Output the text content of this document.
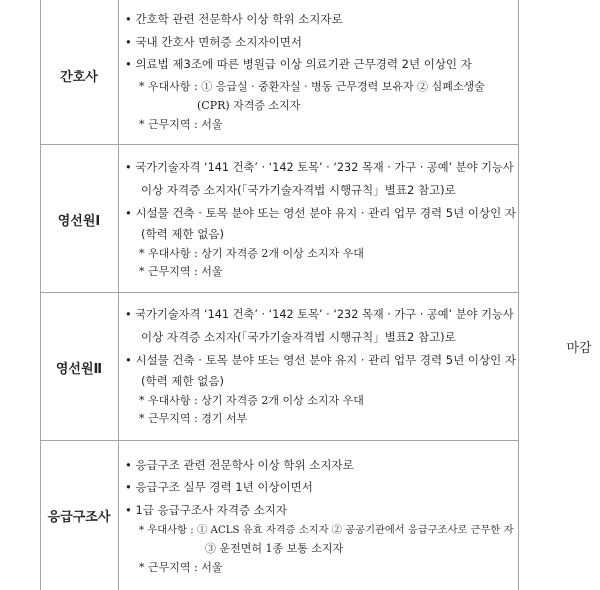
간호사
• 간호학 관련 전문학사 이상 학위 소지자로
• 국내 간호사 면허증 소지자이면서
• 의료법 제3조에 따른 병원급 이상 의료기관 근무경력 2년 이상인 자
* 우대사항 : ① 응급실 · 중환자실 · 병동 근무경력 보유자 ② 심폐소생술
(CPR) 자격증 소지자
* 근무지역 : 서울
영선원Ⅰ
• 국가기술자격 ‘141 건축’ · ‘142 토목’ · ‘232 목재 · 가구 · 공예’ 분야 기능사
이상 자격증 소지자(「국가기술자격법 시행규칙」별표2 참고)로
• 시설물 건축 · 토목 분야 또는 영선 분야 유지 · 관리 업무 경력 5년 이상인 자
(학력 제한 없음)
* 우대사항 : 상기 자격증 2개 이상 소지자 우대
* 근무지역 : 서울
영선원Ⅱ
• 국가기술자격 ‘141 건축’ · ‘142 토목’ · ‘232 목재 · 가구 · 공예’ 분야 기능사
이상 자격증 소지자(「국가기술자격법 시행규칙」별표2 참고)로
• 시설물 건축 · 토목 분야 또는 영선 분야 유지 · 관리 업무 경력 5년 이상인 자
(학력 제한 없음)
* 우대사항 : 상기 자격증 2개 이상 소지자 우대
* 근무지역 : 경기 서부
응급구조사
• 응급구조 관련 전문학사 이상 학위 소지자로
• 응급구조 실무 경력 1년 이상이면서
• 1급 응급구조사 자격증 소지자
* 우대사항 : ① ACLS 유효 자격증 소지자 ② 공공기관에서 응급구조사로 근무한 자
③ 운전면허 1종 보통 소지자
* 근무지역 : 서울
마감
